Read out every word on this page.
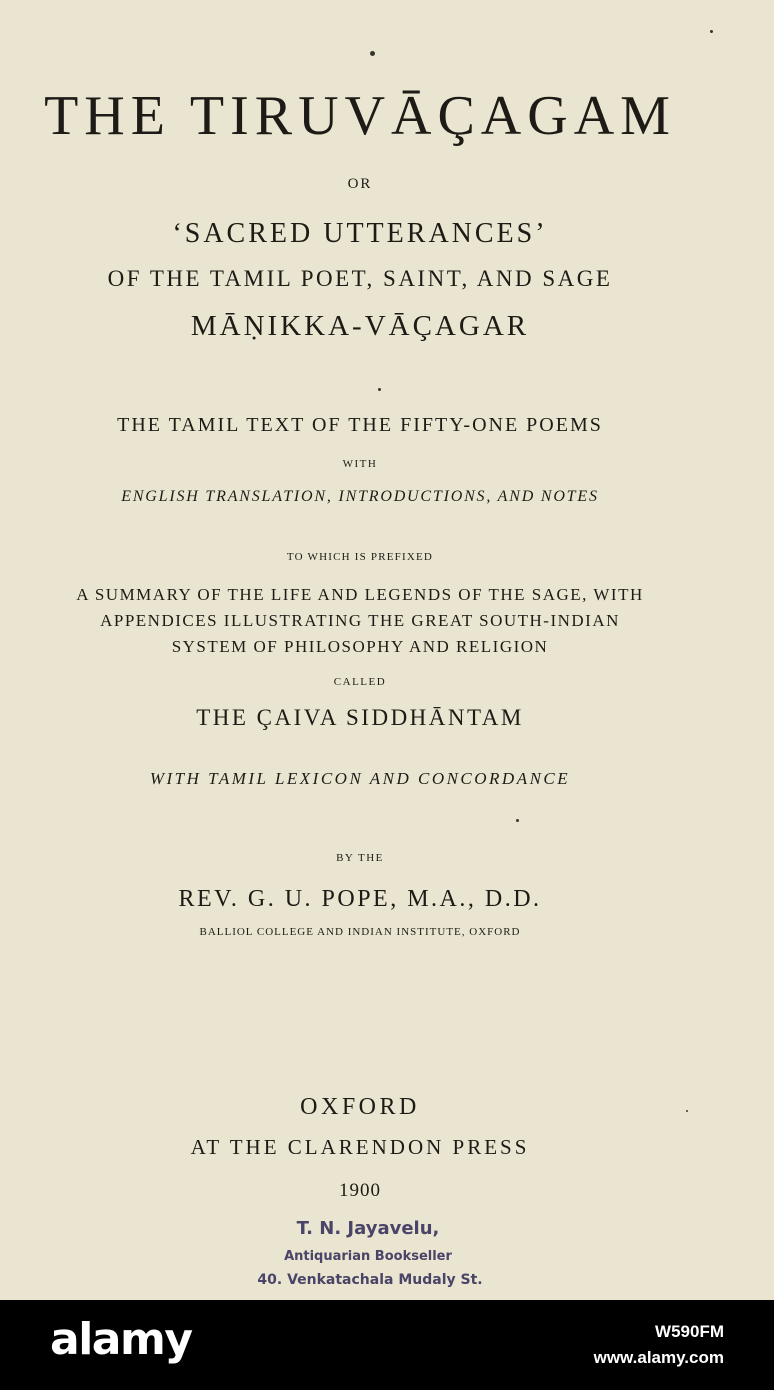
THE TIRUVĀÇAGAM
OR
‘SACRED UTTERANCES’
OF THE TAMIL POET, SAINT, AND SAGE
MĀṆIKKA-VĀÇAGAR
THE TAMIL TEXT OF THE FIFTY-ONE POEMS
WITH
ENGLISH TRANSLATION, INTRODUCTIONS, AND NOTES
TO WHICH IS PREFIXED
A SUMMARY OF THE LIFE AND LEGENDS OF THE SAGE, WITH
APPENDICES ILLUSTRATING THE GREAT SOUTH-INDIAN
SYSTEM OF PHILOSOPHY AND RELIGION
CALLED
THE ÇAIVA SIDDHĀNTAM
WITH TAMIL LEXICON AND CONCORDANCE
BY THE
REV. G. U. POPE, M.A., D.D.
BALLIOL COLLEGE AND INDIAN INSTITUTE, OXFORD
OXFORD
AT THE CLARENDON PRESS
1900
T. N. Jayavelu,
Antiquarian Bookseller
40. Venkatachala Mudaly St.
alamy	W590FM
www.alamy.com
